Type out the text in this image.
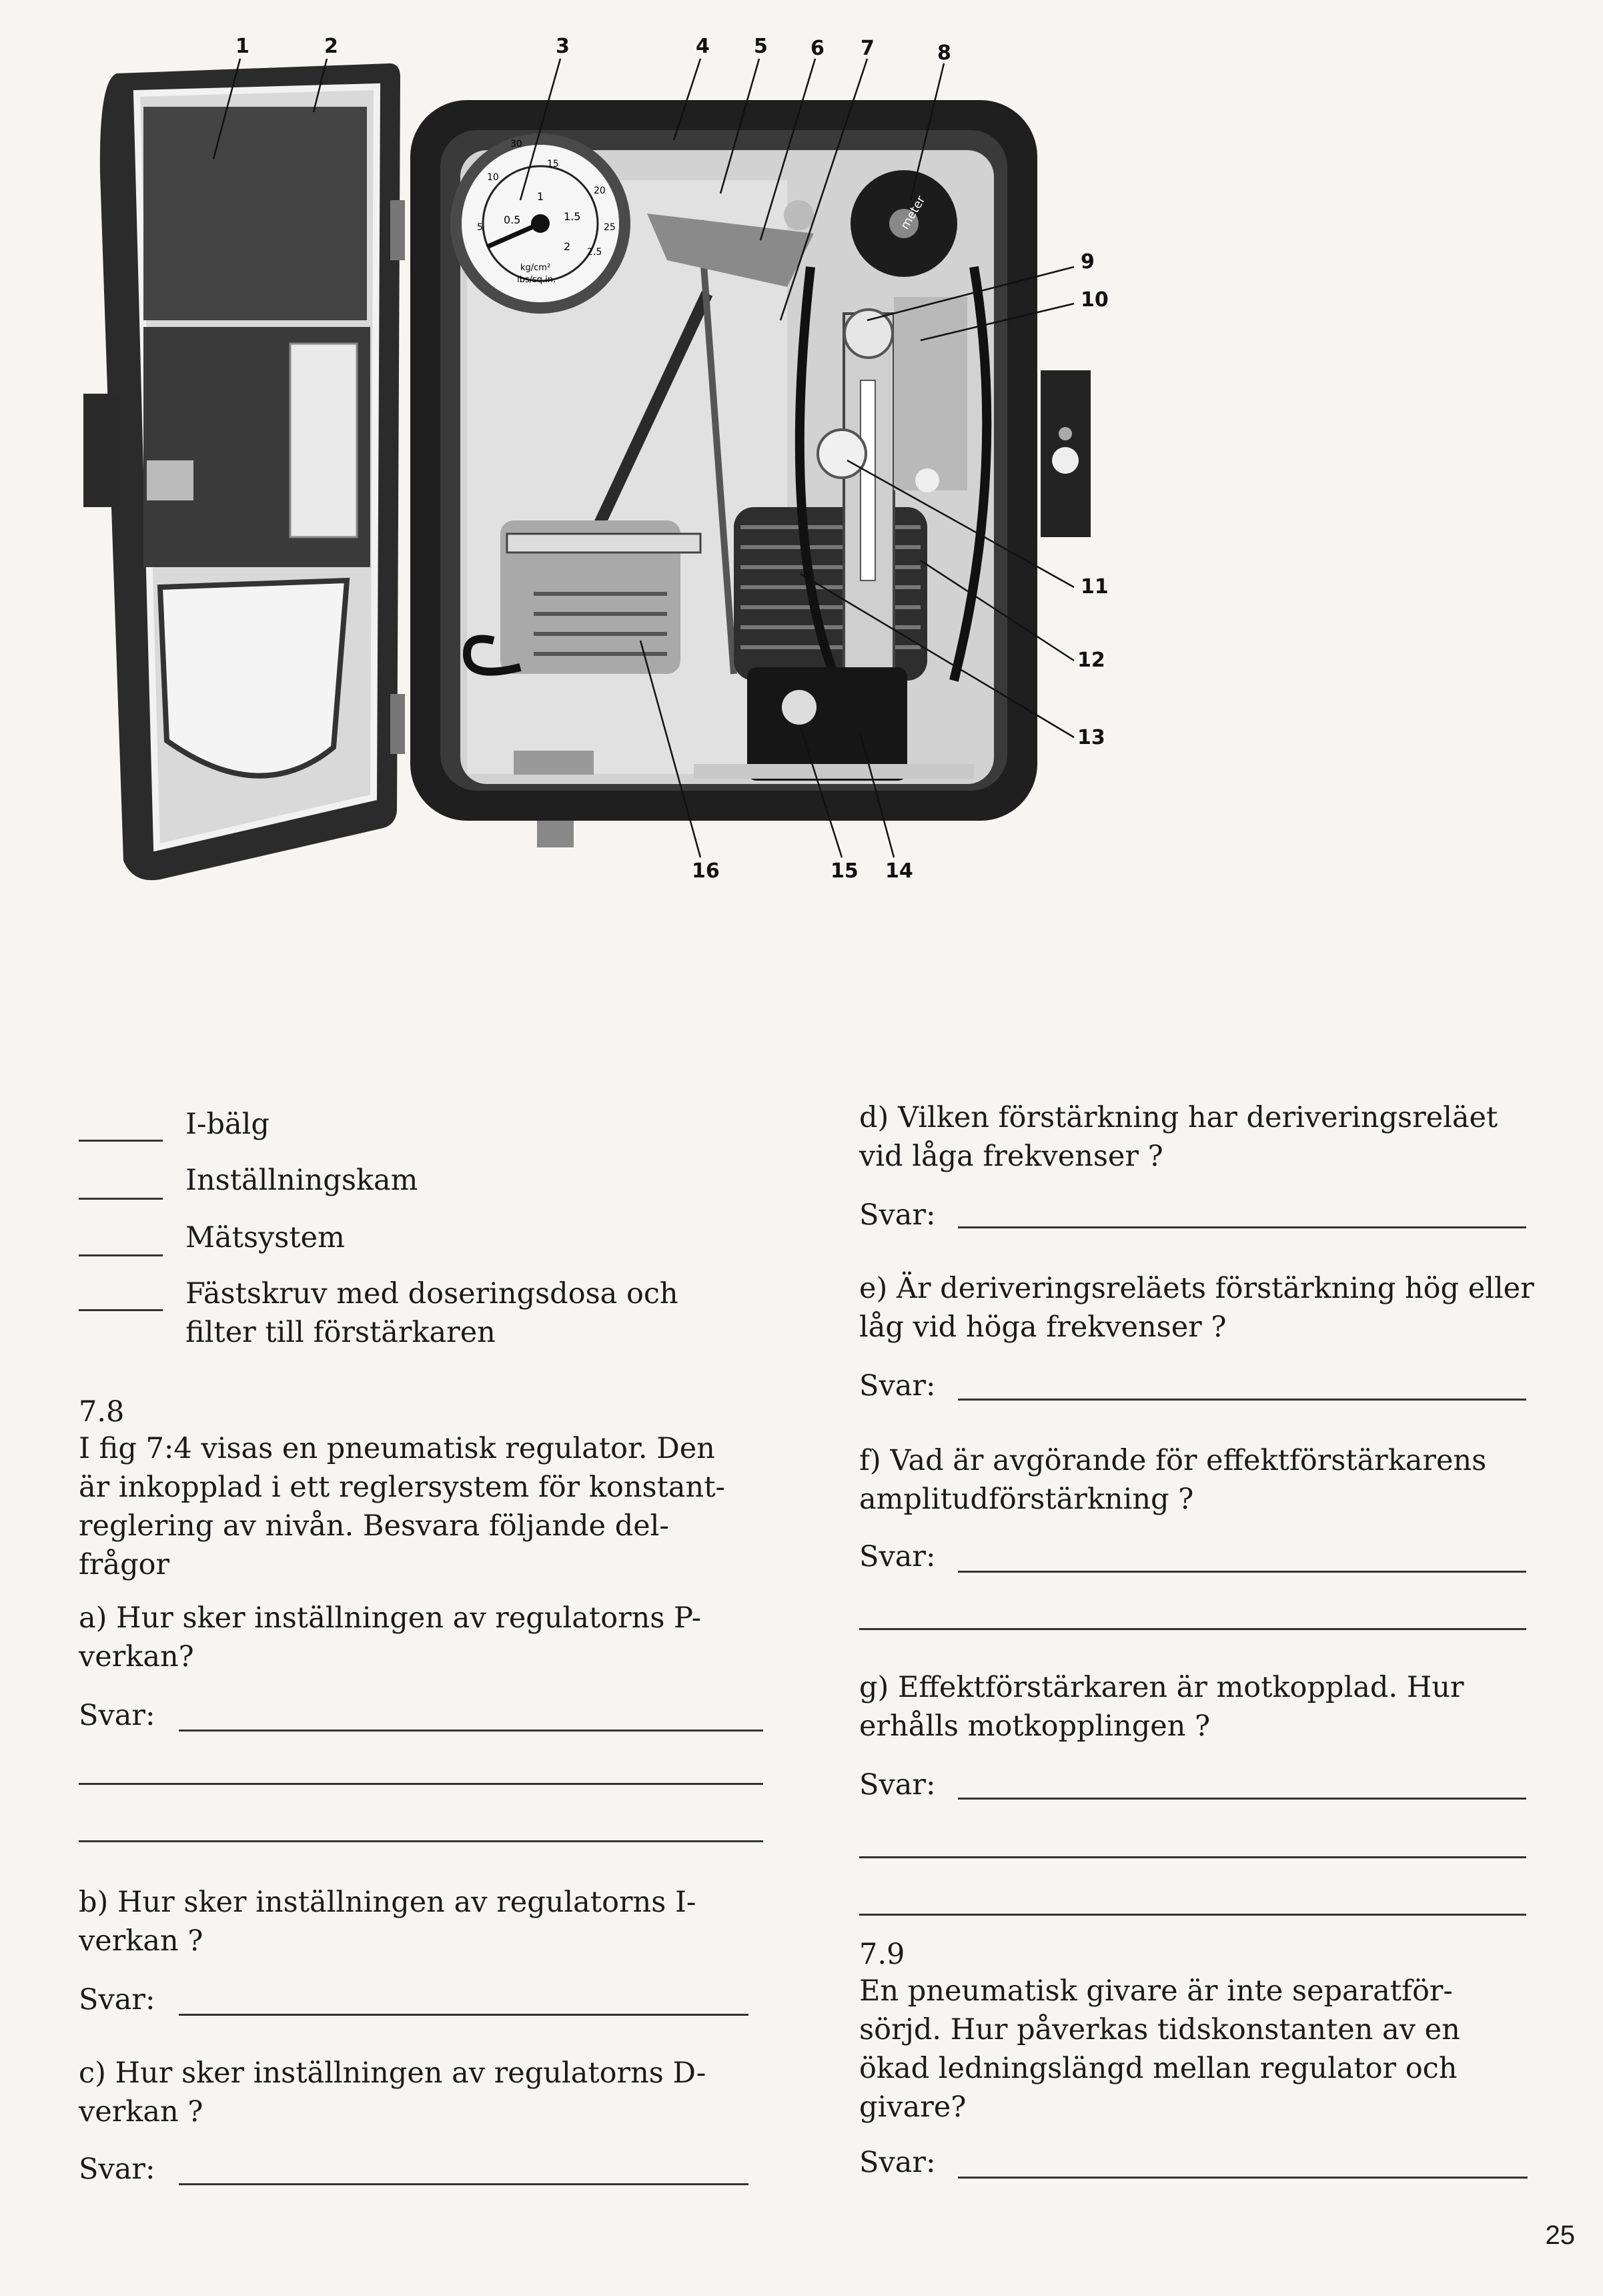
0.5
1
1.5
2 2.5
5
10
15
20
25
30
kg/cm²
lbs/sq.in.
meter
1	2	3	4 5 6 7	8
9
10
11
12
13
14
15
16
I-bälg
Inställningskam
Mätsystem
Fästskruv med doseringsdosa och filter till förstärkaren
7.8
I fig 7:4 visas en pneumatisk regulator. Den är inkopplad i ett reglersystem för konstant-reglering av nivån. Besvara följande del-frågor
a) Hur sker inställningen av regulatorns P-verkan?
Svar:
b) Hur sker inställningen av regulatorns I-verkan ?
Svar:
c) Hur sker inställningen av regulatorns D-verkan ?
Svar:
d) Vilken förstärkning har deriveringsreläet vid låga frekvenser ?
Svar:
e) Är deriveringsreläets förstärkning hög eller låg vid höga frekvenser ?
Svar:
f) Vad är avgörande för effektförstärkarens amplitudförstärkning ?
Svar:
g) Effektförstärkaren är motkopplad. Hur erhålls motkopplingen ?
Svar:
7.9
En pneumatisk givare är inte separatför-sörjd. Hur påverkas tidskonstanten av en ökad ledningslängd mellan regulator och givare?
Svar:
25
